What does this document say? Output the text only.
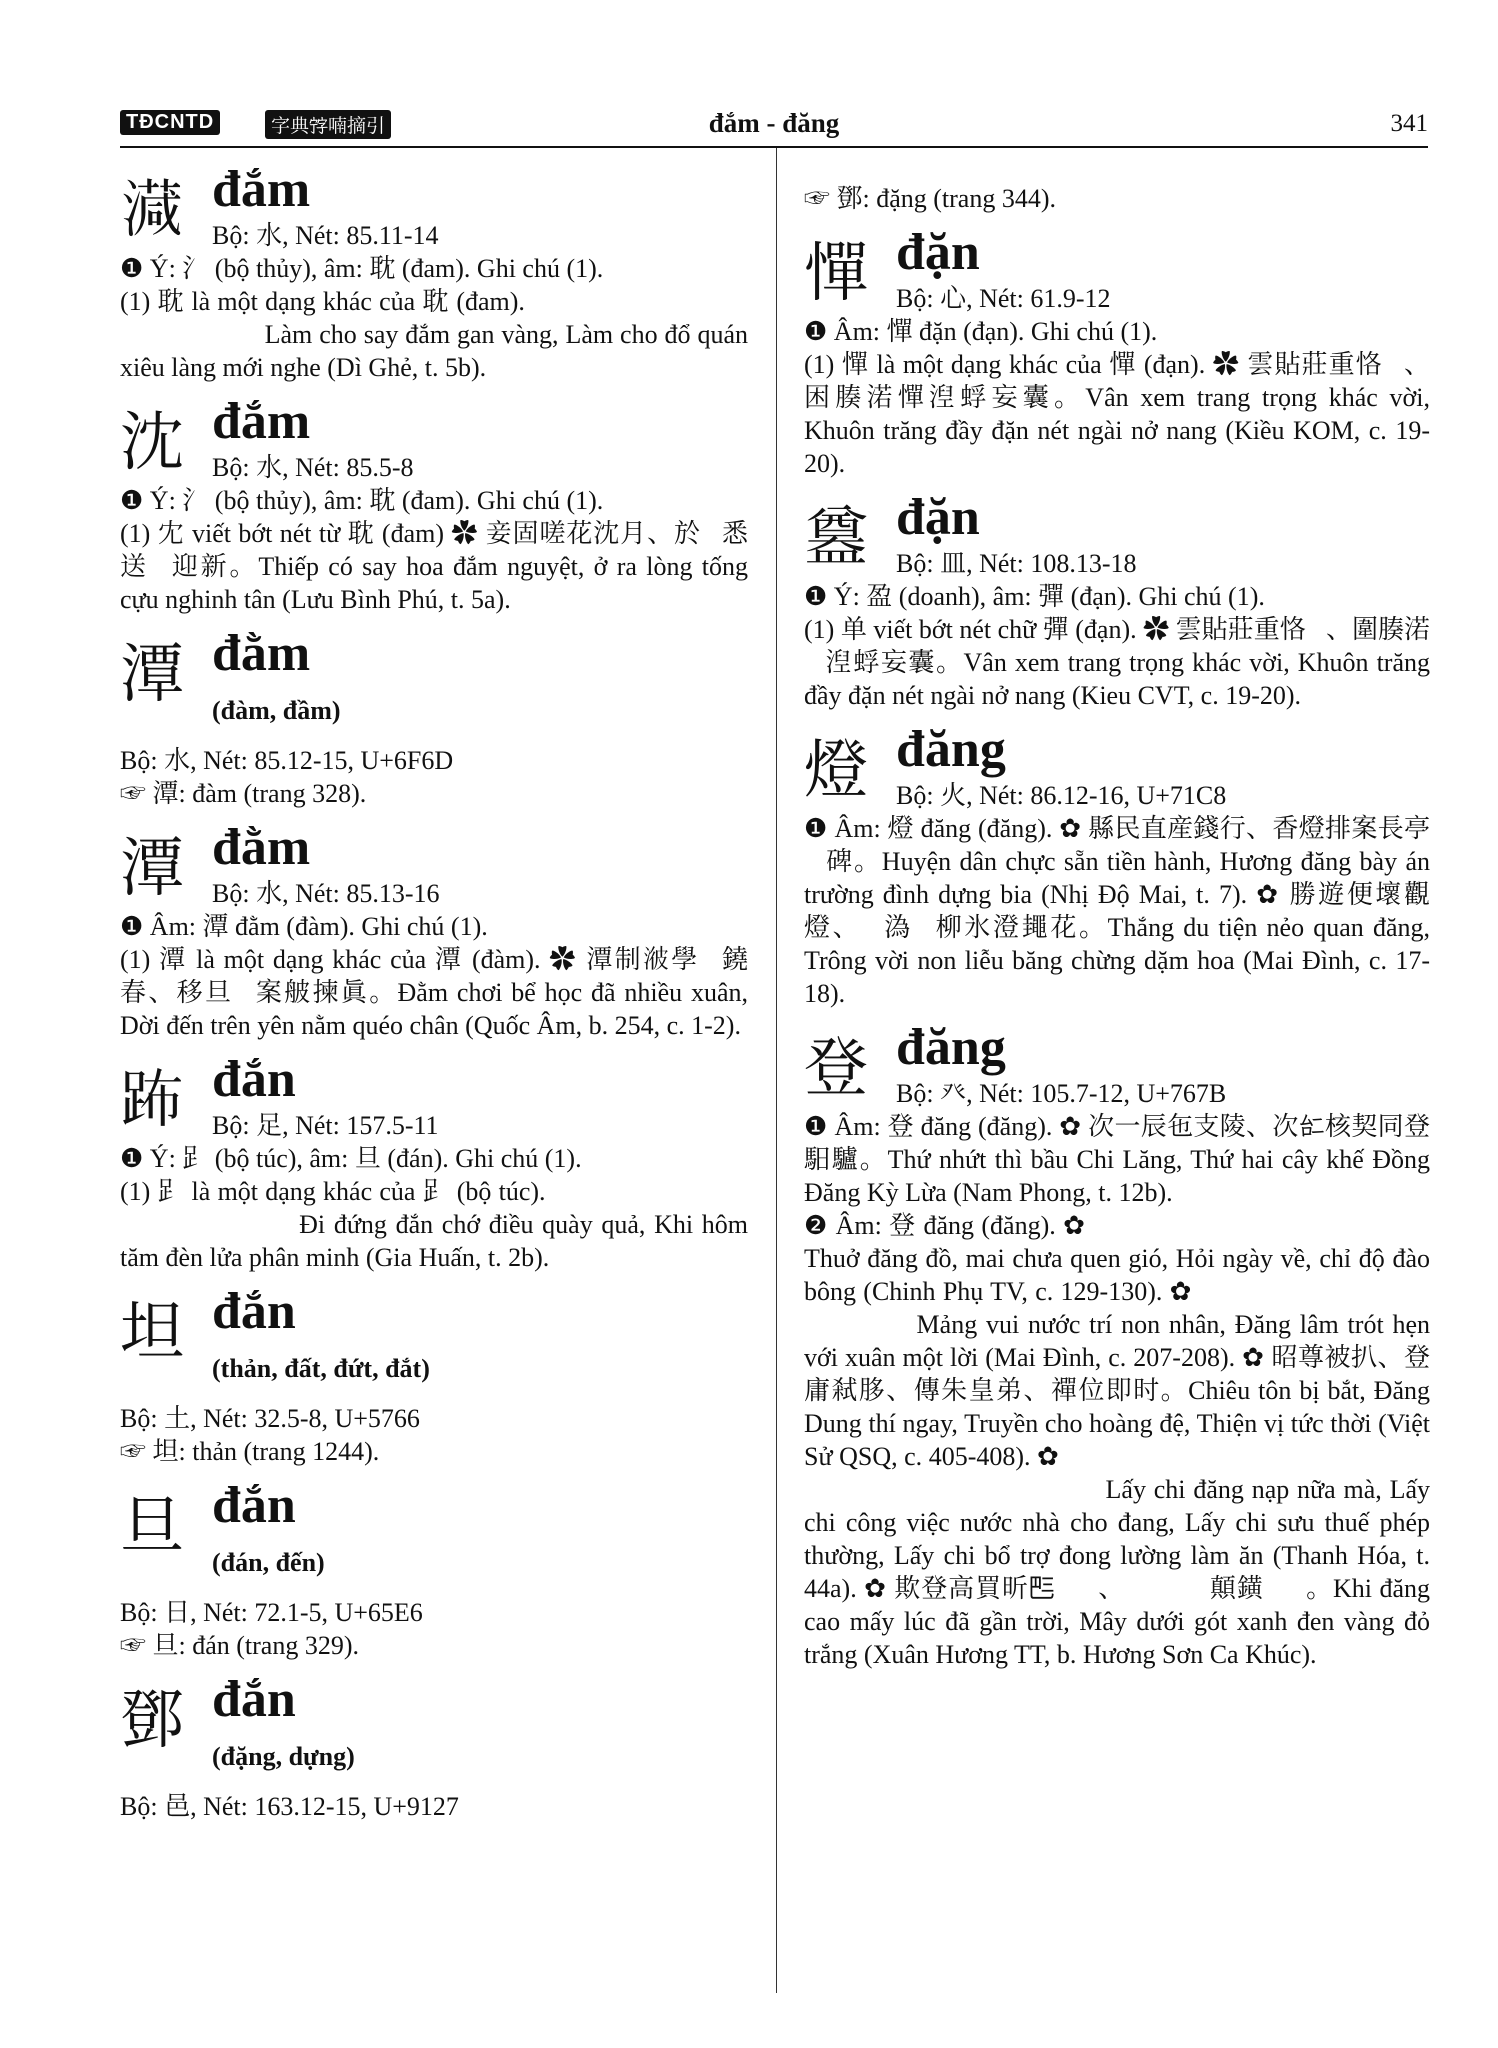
TĐCNTD	字典𡨸喃摘引	đắm - đăng	341
𣿎 đắm
Bộ: 水, Nét: 85.11-14

❶ Ý: 氵 (bộ thủy), âm: 耽 (đam). Ghi chú (1).

(1) 耽 là một dạng khác của 耽 (đam). ✿ 𡢐朱醰𣿎肝鐄、𡢐朱覩舘超廊買𥄮。Làm cho say đắm gan vàng, Làm cho đổ quán xiêu làng mới nghe (Dì Ghẻ, t. 5b).

沈 đắm
Bộ: 水, Nét: 85.5-8

❶ Ý: 氵 (bộ thủy), âm: 耽 (đam). Ghi chú (1).

(1) 冘 viết bớt nét từ 耽 (đam) ✿ 妾固嗟花沈月、於𤿰悉送𦓿迎新。Thiếp có say hoa đắm nguyệt, ở ra lòng tống cựu nghinh tân (Lưu Bình Phú, t. 5a).

潭 đằm
(đàm, đầm)
Bộ: 水, Nét: 85.12-15, U+6F6D

☞ 潭: đàm (trang 328).

潭 đằm
Bộ: 水, Nét: 85.13-16

❶ Âm: 潭 đằm (đàm). Ghi chú (1).

(1) 潭 là một dạng khác của 潭 (đàm). ✿ 潭制𣷭學𠖤鐃春、移旦𨖲案𦨭揀眞。Đằm chơi bể học đã nhiều xuân, Dời đến trên yên nằm quéo chân (Quốc Âm, b. 254, c. 1-2).

𨀒 đắn
Bộ: 足, Nét: 157.5-11

❶ Ý: 𧾷 (bộ túc), âm: 旦 (đán). Ghi chú (1).

(1) 𧾷 là một dạng khác của 𧾷 (bộ túc). ✿ 𢬣𨆢𨀒𥪝調撅㚘、欺𣇜沁烟焒分明。Đi đứng đắn chớ điều quày quả, Khi hôm tăm đèn lửa phân minh (Gia Huấn, t. 2b).

坦 đắn
(thản, đất, đứt, đắt)
Bộ: 土, Nét: 32.5-8, U+5766

☞ 坦: thản (trang 1244).

旦 đắn
(đán, đến)
Bộ: 日, Nét: 72.1-5, U+65E6

☞ 旦: đán (trang 329).

鄧 đắn
(đặng, dựng)
Bộ: 邑, Nét: 163.12-15, U+9127

☞ 鄧: đặng (trang 344).

憚 đặn
Bộ: 心, Nét: 61.9-12

❶ Âm: 憚 đặn (đạn). Ghi chú (1).

(1) 憚 là một dạng khác của 憚 (đạn). ✿ 雲貼莊重恪𢹣、困腠渃憚湼蜉妄囊。Vân xem trang trọng khác vời, Khuôn trăng đầy đặn nét ngài nở nang (Kiều KOM, c. 19-20).

𥂴 đặn
Bộ: 皿, Nét: 108.13-18

❶ Ý: 盈 (doanh), âm: 彈 (đạn). Ghi chú (1).

(1) 单 viết bớt nét chữ 彈 (đạn). ✿ 雲貼莊重恪𢹣、圍腠渃𥂴湼蜉妄囊。Vân xem trang trọng khác vời, Khuôn trăng đầy đặn nét ngài nở nang (Kieu CVT, c. 19-20).

燈 đăng
Bộ: 火, Nét: 86.12-16, U+71C8

❶ Âm: 燈 đăng (đăng). ✿ 縣民直産錢行、香燈排案長亭𥫇碑。Huyện dân chực sẵn tiền hành, Hương đăng bày án trường đình dựng bia (Nhị Độ Mai, t. 7). ✿ 勝遊便壞觀燈、𨑗溈𡉚柳氷澄䵷花。Thắng du tiện nẻo quan đăng, Trông vời non liễu băng chừng dặm hoa (Mai Đình, c. 17-18).

登 đăng
Bộ: 癶, Nét: 105.7-12, U+767B

❶ Âm: 登 đăng (đăng). ✿ 次一辰㐌支陵、次𠄩核契同登馹驢。Thứ nhứt thì bầu Chi Lăng, Thứ hai cây khế Đồng Đăng Kỳ Lừa (Nam Phong, t. 12b).

❷ Âm: 登 đăng (đăng). ✿ 𣇞登途梅渚悁𢝙、晦𦖑衜指度毬芃。Thuở đăng đồ, mai chưa quen gió, Hỏi ngày về, chỉ độ đào bông (Chinh Phụ TV, c. 129-130). ✿ 𢝙𢜝渃智𡽫仁、登林卒𠲖貝春没𠰘。Mảng vui nước trí non nhân, Đăng lâm trót hẹn với xuân một lời (Mai Đình, c. 207-208). ✿ 昭尊被扒、登庸弒䏧、傳朱皇弟、禪位即时。Chiêu tôn bị bắt, Đăng Dung thí ngay, Truyền cho hoàng đệ, Thiện vị tức thời (Việt Sử QSQ, c. 405-408). ✿ 𥙩之登納女麻、𥙩之功役渃茹朱當、𥙩之搜税法常、𥙩之補助拸量𡢐咹。Lấy chi đăng nạp nữa mà, Lấy chi công việc nước nhà cho đang, Lấy chi sưu thuế phép thường, Lấy chi bổ trợ đong lường làm ăn (Thanh Hóa, t. 44a). ✿ 欺登高買昕𠀧𣅶𡗶、𩄲𨑜𨃐𩇢顛鐄𧺃𤽸。Khi đăng cao mấy lúc đã gần trời, Mây dưới gót xanh đen vàng đỏ trắng (Xuân Hương TT, b. Hương Sơn Ca Khúc).
